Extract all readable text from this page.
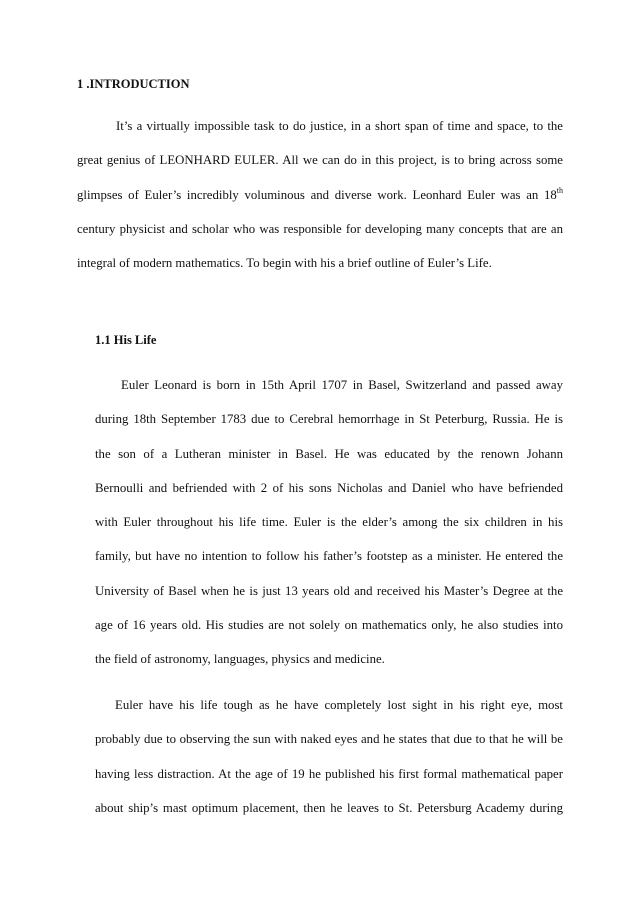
1 .INTRODUCTION
It’s a virtually impossible task to do justice, in a short span of time and space, to the
great genius of LEONHARD EULER. All we can do in this project, is to bring across some
glimpses of Euler’s incredibly voluminous and diverse work. Leonhard Euler was an 18th
century physicist and scholar who was responsible for developing many concepts that are an
integral of modern mathematics. To begin with his a brief outline of Euler’s Life.
1.1 His Life
Euler Leonard is born in 15th April 1707 in Basel, Switzerland and passed away
during 18th September 1783 due to Cerebral hemorrhage in St Peterburg, Russia. He is
the son of a Lutheran minister in Basel. He was educated by the renown Johann
Bernoulli and befriended with 2 of his sons Nicholas and Daniel who have befriended
with Euler throughout his life time. Euler is the elder’s among the six children in his
family, but have no intention to follow his father’s footstep as a minister. He entered the
University of Basel when he is just 13 years old and received his Master’s Degree at the
age of 16 years old. His studies are not solely on mathematics only, he also studies into
the field of astronomy, languages, physics and medicine.
Euler have his life tough as he have completely lost sight in his right eye, most
probably due to observing the sun with naked eyes and he states that due to that he will be
having less distraction. At the age of 19 he published his first formal mathematical paper
about ship’s mast optimum placement, then he leaves to St. Petersburg Academy during
